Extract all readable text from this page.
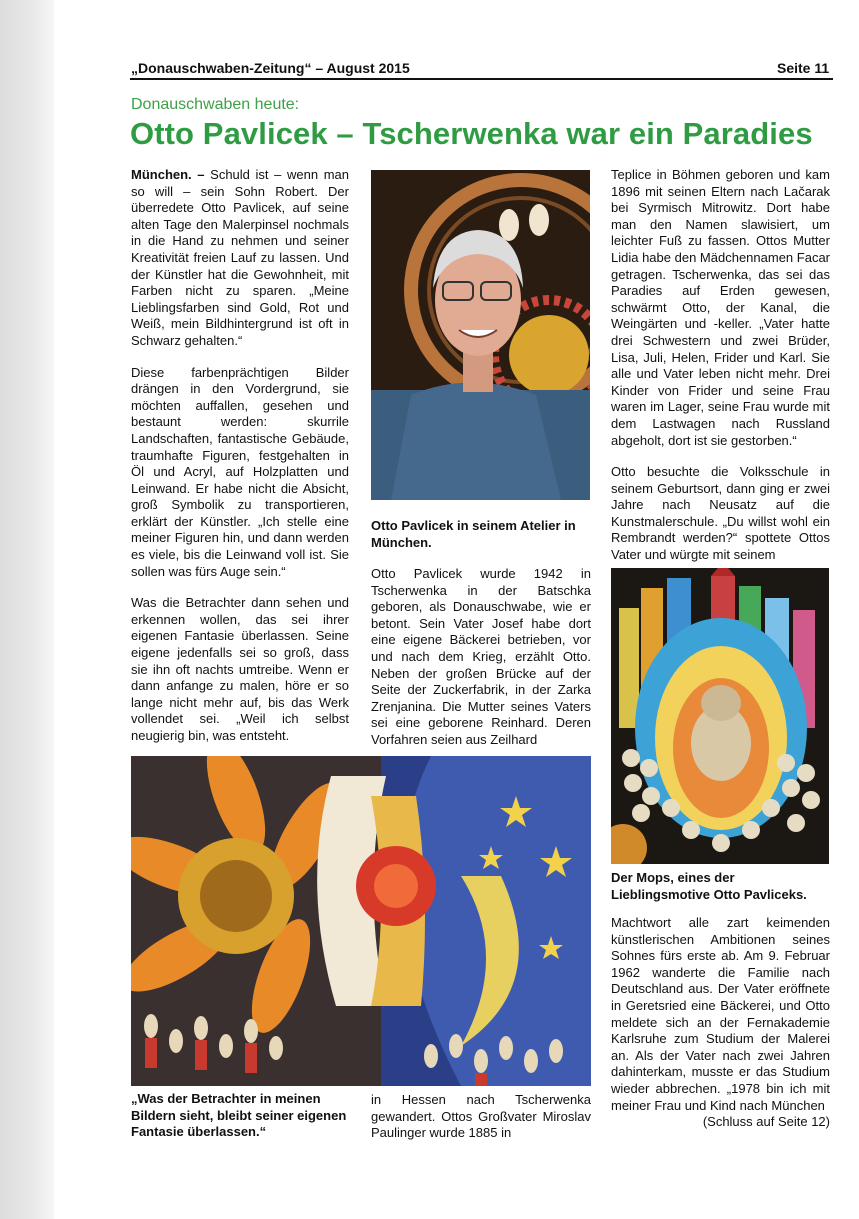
„Donauschwaben-Zeitung“ – August 2015	Seite 11
Donauschwaben heute:
Otto Pavlicek – Tscherwenka war ein Paradies

München. – Schuld ist – wenn man so will – sein Sohn Robert. Der überredete Otto Pavlicek, auf seine alten Tage den Malerpinsel nochmals in die Hand zu nehmen und seiner Kreativität freien Lauf zu lassen. Und der Künstler hat die Gewohnheit, mit Farben nicht zu sparen. „Meine Lieblingsfarben sind Gold, Rot und Weiß, mein Bildhintergrund ist oft in Schwarz gehalten.“

Diese farbenprächtigen Bilder drängen in den Vordergrund, sie möchten auffallen, gesehen und bestaunt werden: skurrile Landschaften, fantastische Gebäude, traumhafte Figuren, festgehalten in Öl und Acryl, auf Holzplatten und Leinwand. Er habe nicht die Absicht, groß Symbolik zu transportieren, erklärt der Künstler. „Ich stelle eine meiner Figuren hin, und dann werden es viele, bis die Leinwand voll ist. Sie sollen was fürs Auge sein.“

Was die Betrachter dann sehen und erkennen wollen, das sei ihrer eigenen Fantasie überlassen. Seine eigene jedenfalls sei so groß, dass sie ihn oft nachts umtreibe. Wenn er dann anfange zu malen, höre er so lange nicht mehr auf, bis das Werk vollendet sei. „Weil ich selbst neugierig bin, was entsteht.

Otto Pavlicek in seinem Atelier in München.

Otto Pavlicek wurde 1942 in Tscherwenka in der Batschka geboren, als Donauschwabe, wie er betont. Sein Vater Josef habe dort eine eigene Bäckerei betrieben, vor und nach dem Krieg, erzählt Otto. Neben der großen Brücke auf der Seite der Zuckerfabrik, in der Zarka Zrenjanina. Die Mutter seines Vaters sei eine geborene Reinhard. Deren Vorfahren seien aus Zeilhard

in Hessen nach Tscherwenka gewandert. Ottos Großvater Miroslav Paulinger wurde 1885 in

Teplice in Böhmen geboren und kam 1896 mit seinen Eltern nach Lačarak bei Syrmisch Mitrowitz. Dort habe man den Namen slawisiert, um leichter Fuß zu fassen. Ottos Mutter Lidia habe den Mädchennamen Facar getragen. Tscherwenka, das sei das Paradies auf Erden gewesen, schwärmt Otto, der Kanal, die Weingärten und -keller. „Vater hatte drei Schwestern und zwei Brüder, Lisa, Juli, Helen, Frider und Karl. Sie alle und Vater leben nicht mehr. Drei Kinder von Frider und seine Frau waren im Lager, seine Frau wurde mit dem Lastwagen nach Russland abgeholt, dort ist sie gestorben.“

Otto besuchte die Volksschule in seinem Geburtsort, dann ging er zwei Jahre nach Neusatz auf die Kunstmalerschule. „Du willst wohl ein Rembrandt werden?“ spottete Ottos Vater und würgte mit seinem

Der Mops, eines der Lieblingsmotive Otto Pavliceks.

Machtwort alle zart keimenden künstlerischen Ambitionen seines Sohnes fürs erste ab. Am 9. Februar 1962 wanderte die Familie nach Deutschland aus. Der Vater eröffnete in Geretsried eine Bäckerei, und Otto meldete sich an der Fernakademie Karlsruhe zum Studium der Malerei an. Als der Vater nach zwei Jahren dahinterkam, musste er das Studium wieder abbrechen. „1978 bin ich mit meiner Frau und Kind nach München

(Schluss auf Seite 12)
„Was der Betrachter in meinen Bildern sieht, bleibt seiner eigenen Fantasie überlassen.“
